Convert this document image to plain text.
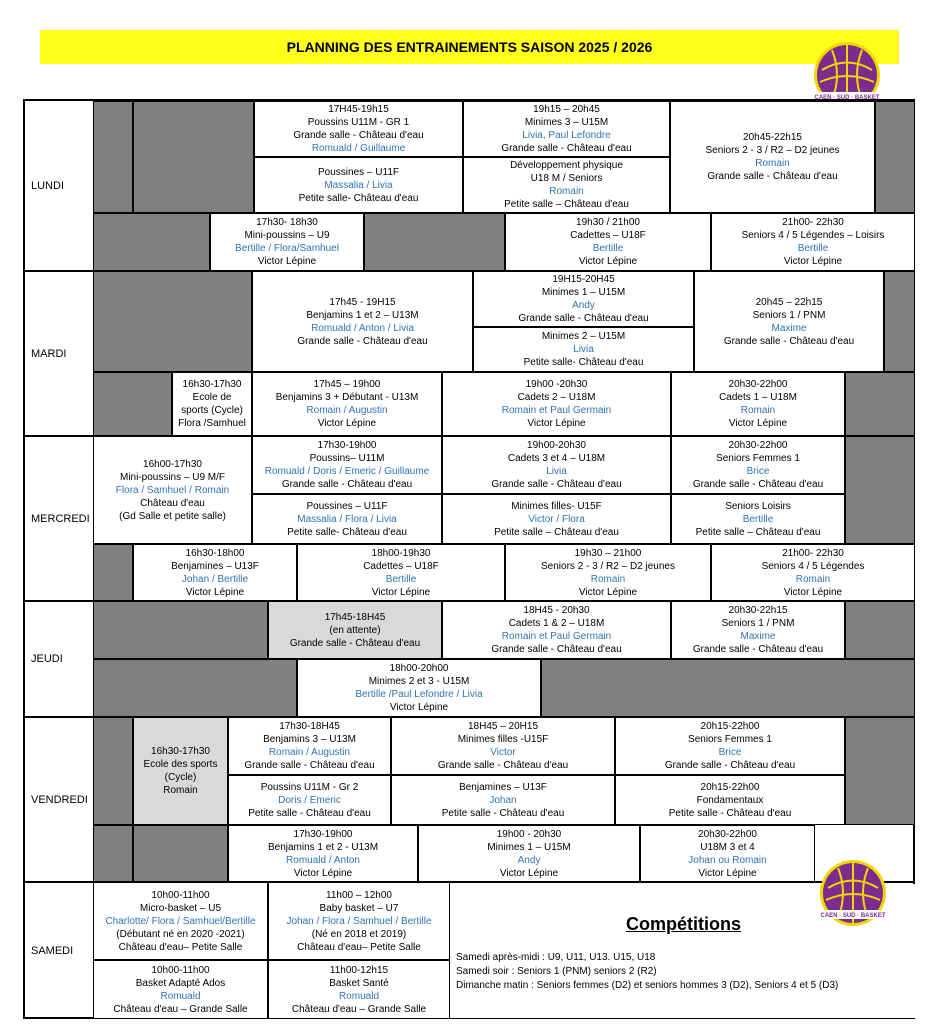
PLANNING DES ENTRAINEMENTS SAISON 2025 / 2026
CAEN · SUD · BASKET
LUNDI
MARDI
MERCREDI
JEUDI
VENDREDI
SAMEDI
17H45-19h15
Poussins U11M - GR 1
Grande salle - Château d'eau
Romuald / Guillaume
Poussines – U11F
Massalia / Livia
Petite salle- Château d'eau
19h15 – 20h45
Minimes 3 – U15M
Livia, Paul Lefondre
Grande salle - Château d'eau
Développement physique
U18 M / Seniors
Romain
Petite salle – Château d'eau
20h45-22h15
Seniors 2 - 3 / R2 – D2 jeunes
Romain
Grande salle - Château d'eau
17h30- 18h30
Mini-poussins – U9
Bertille / Flora/Samhuel
Victor Lépine
19h30 / 21h00
Cadettes – U18F
Bertille
Victor Lépine
21h00- 22h30
Seniors 4 / 5 Légendes – Loisirs
Bertille
Victor Lépine
17h45 - 19H15
Benjamins 1 et 2 – U13M
Romuald / Anton / Livia
Grande salle - Château d'eau
19H15-20H45
Minimes 1 – U15M
Andy
Grande salle - Château d'eau
Minimes 2 – U15M
Livia
Petite salle- Château d'eau
20h45 – 22h15
Seniors 1 / PNM
Maxime
Grande salle - Château d'eau
16h30-17h30
Ecole de
sports (Cycle)
Flora /Samhuel
17h45 – 19h00
Benjamins 3 + Débutant - U13M
Romain / Augustin
Victor Lépine
19h00 -20h30
Cadets 2 – U18M
Romain et Paul Germain
Victor Lépine
20h30-22h00
Cadets 1 – U18M
Romain
Victor Lépine
16h00-17h30
Mini-poussins – U9 M/F
Flora / Samhuel / Romain
Château d'eau
(Gd Salle et petite salle)
17h30-19h00
Poussins– U11M
Romuald / Doris / Emeric / Guillaume
Grande salle - Château d'eau
Poussines – U11F
Massalia / Flora / Livia
Petite salle- Château d'eau
19h00-20h30
Cadets 3 et 4 – U18M
Livia
Grande salle - Château d'eau
Minimes filles- U15F
Victor / Flora
Petite salle – Château d'eau
20h30-22h00
Seniors Femmes 1
Brice
Grande salle - Château d'eau
Seniors Loisirs
Bertille
Petite salle – Château d'eau
16h30-18h00
Benjamines – U13F
Johan / Bertille
Victor Lépine
18h00-19h30
Cadettes – U18F
Bertille
Victor Lépine
19h30 – 21h00
Seniors 2 - 3 / R2 – D2 jeunes
Romain
Victor Lépine
21h00- 22h30
Seniors 4 / 5 Légendes
Romain
Victor Lépine
17h45-18H45
(en attente)
Grande salle - Château d'eau
18H45 - 20h30
Cadets 1 & 2 – U18M
Romain et Paul Germain
Grande salle - Château d'eau
20h30-22h15
Seniors 1 / PNM
Maxime
Grande salle - Château d'eau
18h00-20h00
Minimes 2 et 3 - U15M
Bertille /Paul Lefondre / Livia
Victor Lépine
16h30-17h30
Ecole des sports
(Cycle)
Romain
17h30-18H45
Benjamins 3 – U13M
Romain / Augustin
Grande salle - Château d'eau
Poussins U11M - Gr 2
Doris / Emeric
Petite salle - Château d'eau
18H45 – 20H15
Minimes filles -U15F
Victor
Grande salle - Château d'eau
Benjamines – U13F
Johan
Petite salle - Château d'eau
20h15-22h00
Seniors Femmes 1
Brice
Grande salle - Château d'eau
20h15-22h00
Fondamentaux
Petite salle - Château d'eau
17h30-19h00
Benjamins 1 et 2 - U13M
Romuald / Anton
Victor Lépine
19h00 - 20h30
Minimes 1 – U15M
Andy
Victor Lépine
20h30-22h00
U18M 3 et 4
Johan ou Romain
Victor Lépine
10h00-11h00
Micro-basket – U5
Charlotte/ Flora / Samhuel/Bertille
(Débutant né en 2020 -2021)
Château d'eau– Petite Salle
10h00-11h00
Basket Adapté Ados
Romuald
Château d'eau – Grande Salle
11h00 – 12h00
Baby basket – U7
Johan / Flora / Samhuel / Bertille
(Né en 2018 et 2019)
Château d'eau– Petite Salle
11h00-12h15
Basket Santé
Romuald
Château d'eau – Grande Salle
Compétitions
Samedi après-midi : U9, U11, U13. U15, U18
Samedi soir : Seniors 1 (PNM) seniors 2 (R2)
Dimanche matin : Seniors femmes (D2) et seniors hommes 3 (D2), Seniors 4 et 5 (D3)
CAEN · SUD · BASKET
